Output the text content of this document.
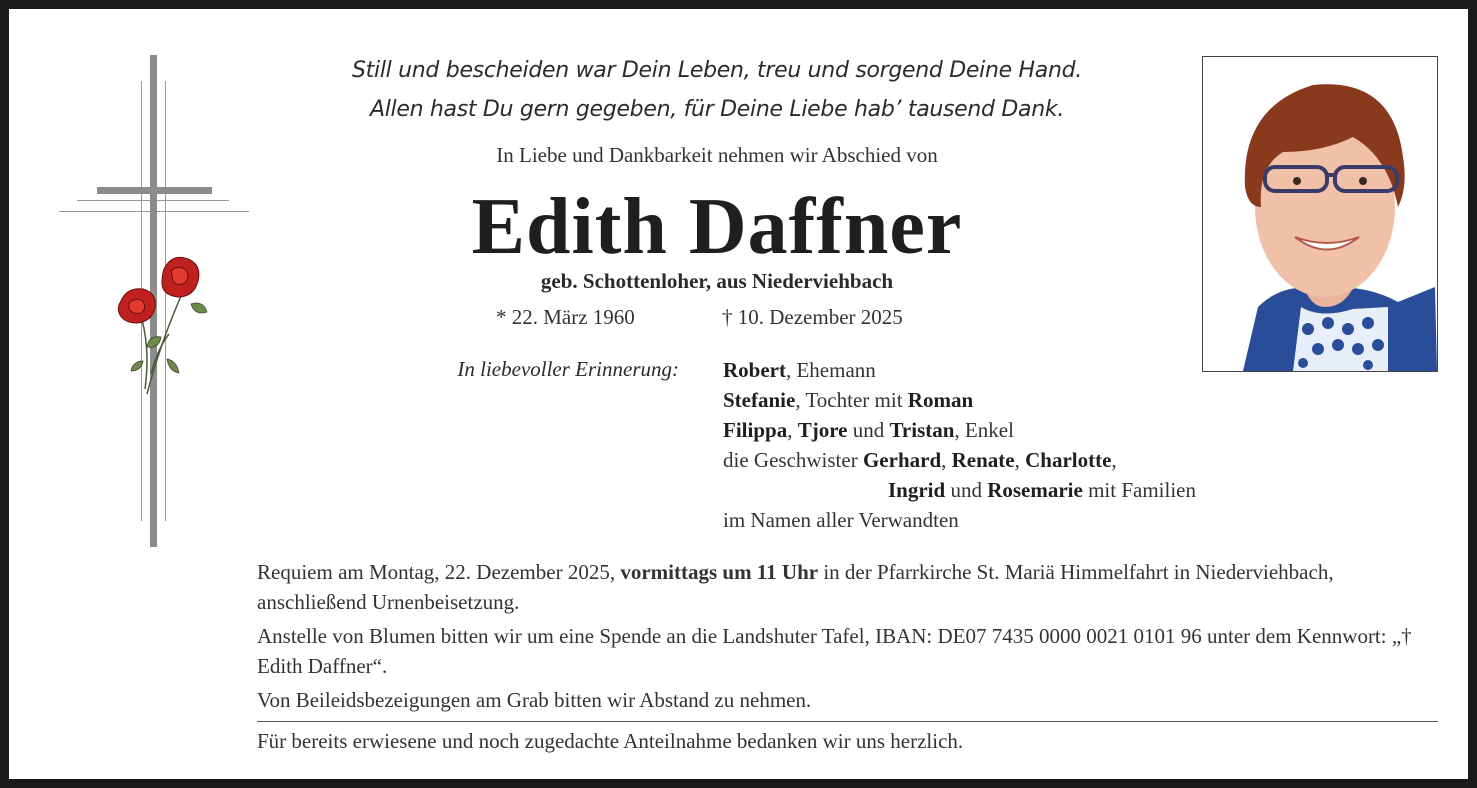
Still und bescheiden war Dein Leben, treu und sorgend Deine Hand.
Allen hast Du gern gegeben, für Deine Liebe hab’ tausend Dank.
In Liebe und Dankbarkeit nehmen wir Abschied von
Edith Daffner
geb. Schottenloher, aus Niederviehbach
* 22. März 1960	† 10. Dezember 2025
In liebevoller Erinnerung: Robert, Ehemann
Stefanie, Tochter mit Roman
Filippa, Tjore und Tristan, Enkel
die Geschwister Gerhard, Renate, Charlotte,
Ingrid und Rosemarie mit Familien
im Namen aller Verwandten
Requiem am Montag, 22. Dezember 2025, vormittags um 11 Uhr in der Pfarrkirche St. Mariä Himmelfahrt in Niederviehbach, anschließend Urnenbeisetzung.
Anstelle von Blumen bitten wir um eine Spende an die Landshuter Tafel, IBAN: DE07 7435 0000 0021 0101 96 unter dem Kennwort: „† Edith Daffner“.
Von Beileidsbezeigungen am Grab bitten wir Abstand zu nehmen.
Für bereits erwiesene und noch zugedachte Anteilnahme bedanken wir uns herzlich.
